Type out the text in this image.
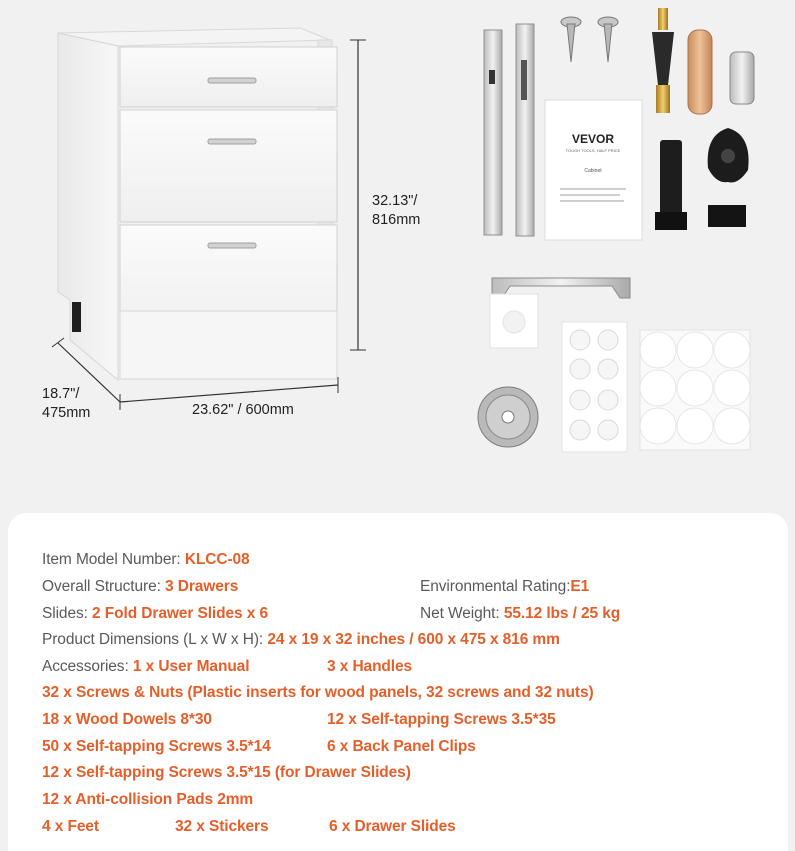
VEVOR
TOUGH TOOLS, HALF PRICE
Cabinet
32.13"/
816mm
18.7"/
475mm	23.62" / 600mm
Item Model Number: KLCC-08
Overall Structure: 3 Drawers	Environmental Rating:E1
Slides: 2 Fold Drawer Slides x 6	Net Weight: 55.12 lbs / 25 kg
Product Dimensions (L x W x H): 24 x 19 x 32 inches / 600 x 475 x 816 mm
Accessories: 1 x User Manual	3 x Handles
32 x Screws & Nuts (Plastic inserts for wood panels, 32 screws and 32 nuts)
18 x Wood Dowels 8*30	12 x Self-tapping Screws 3.5*35
50 x Self-tapping Screws 3.5*14	6 x Back Panel Clips
12 x Self-tapping Screws 3.5*15 (for Drawer Slides)
12 x Anti-collision Pads 2mm
4 x Feet	32 x Stickers	6 x Drawer Slides
